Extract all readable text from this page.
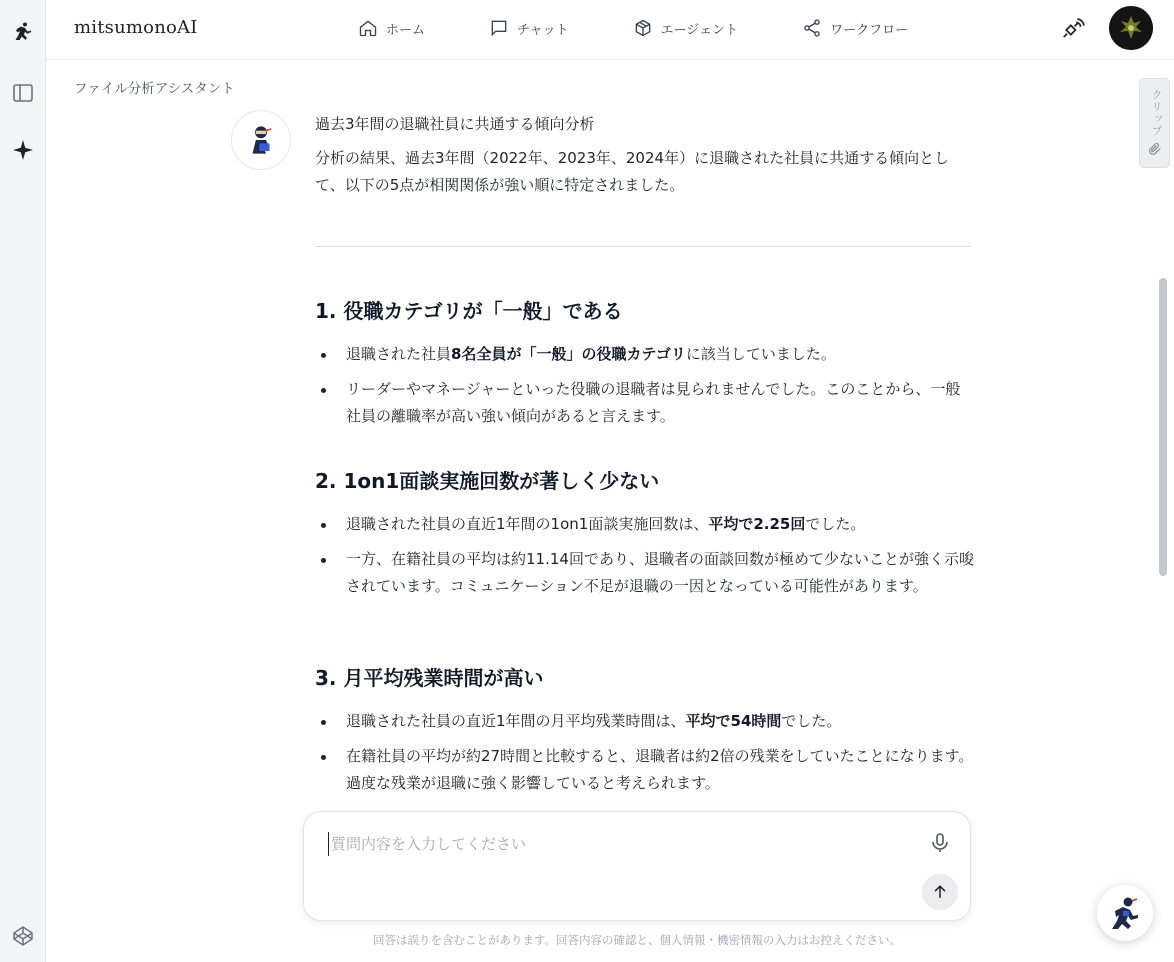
mitsumonoAI	ホーム	チャット	エージェント	ワークフロー
ファイル分析アシスタント
過去3年間の退職社員に共通する傾向分析
分析の結果、過去3年間（2022年、2023年、2024年）に退職された社員に共通する傾向として、以下の5点が相関関係が強い順に特定されました。
1. 役職カテゴリが「一般」である
退職された社員8名全員が「一般」の役職カテゴリに該当していました。
リーダーやマネージャーといった役職の退職者は見られませんでした。このことから、一般社員の離職率が高い強い傾向があると言えます。
2. 1on1面談実施回数が著しく少ない
退職された社員の直近1年間の1on1面談実施回数は、平均で2.25回でした。
一方、在籍社員の平均は約11.14回であり、退職者の面談回数が極めて少ないことが強く示唆されています。コミュニケーション不足が退職の一因となっている可能性があります。
3. 月平均残業時間が高い
退職された社員の直近1年間の月平均残業時間は、平均で54時間でした。
在籍社員の平均が約27時間と比較すると、退職者は約2倍の残業をしていたことになります。過度な残業が退職に強く影響していると考えられます。
クリップ
質問内容を入力してください
回答は誤りを含むことがあります。回答内容の確認と、個人情報・機密情報の入力はお控えください。
